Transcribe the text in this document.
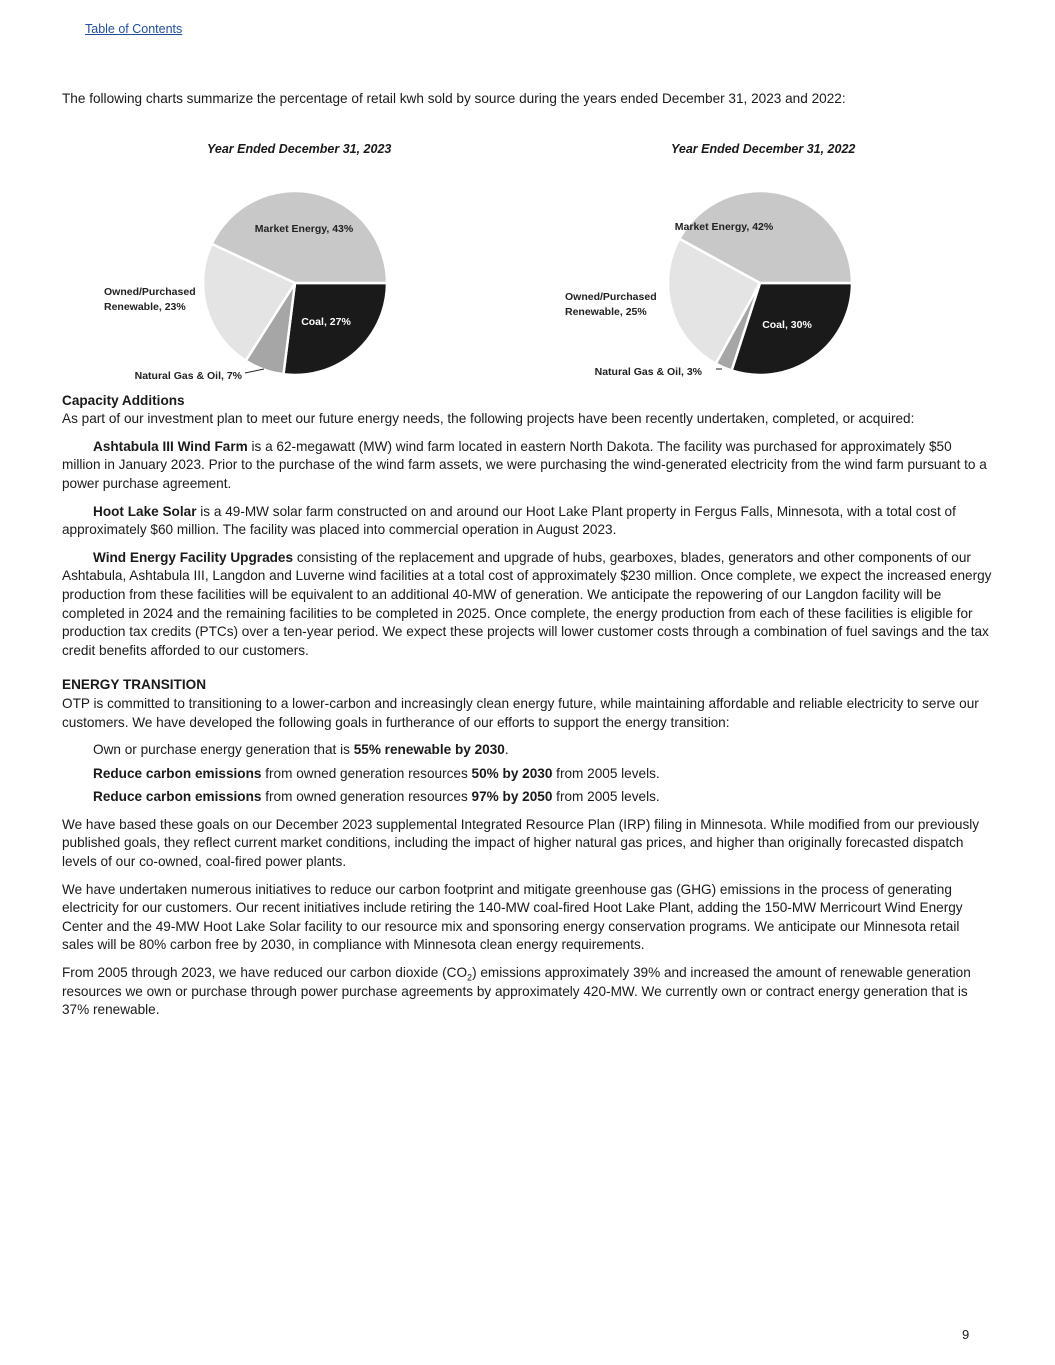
Table of Contents

The following charts summarize the percentage of retail kwh sold by source during the years ended December 31, 2023 and 2022:

Year Ended December 31, 2023	Year Ended December 31, 2022
Coal, 27%
Natural Gas & Oil, 7%
Owned/Purchased Renewable, 23%
Market Energy, 43%
Coal, 30%
Natural Gas & Oil, 3%
Owned/Purchased Renewable, 25%
Market Energy, 42%
Capacity Additions

As part of our investment plan to meet our future energy needs, the following projects have been recently undertaken, completed, or acquired:

Ashtabula III Wind Farm is a 62-megawatt (MW) wind farm located in eastern North Dakota. The facility was purchased for approximately $50 million in January 2023. Prior to the purchase of the wind farm assets, we were purchasing the wind-generated electricity from the wind farm pursuant to a power purchase agreement.

Hoot Lake Solar is a 49-MW solar farm constructed on and around our Hoot Lake Plant property in Fergus Falls, Minnesota, with a total cost of approximately $60 million. The facility was placed into commercial operation in August 2023.

Wind Energy Facility Upgrades consisting of the replacement and upgrade of hubs, gearboxes, blades, generators and other components of our Ashtabula, Ashtabula III, Langdon and Luverne wind facilities at a total cost of approximately $230 million. Once complete, we expect the increased energy production from these facilities will be equivalent to an additional 40-MW of generation. We anticipate the repowering of our Langdon facility will be completed in 2024 and the remaining facilities to be completed in 2025. Once complete, the energy production from each of these facilities is eligible for production tax credits (PTCs) over a ten-year period. We expect these projects will lower customer costs through a combination of fuel savings and the tax credit benefits afforded to our customers.

ENERGY TRANSITION

OTP is committed to transitioning to a lower-carbon and increasingly clean energy future, while maintaining affordable and reliable electricity to serve our customers. We have developed the following goals in furtherance of our efforts to support the energy transition:

Own or purchase energy generation that is 55% renewable by 2030.

Reduce carbon emissions from owned generation resources 50% by 2030 from 2005 levels.

Reduce carbon emissions from owned generation resources 97% by 2050 from 2005 levels.

We have based these goals on our December 2023 supplemental Integrated Resource Plan (IRP) filing in Minnesota. While modified from our previously published goals, they reflect current market conditions, including the impact of higher natural gas prices, and higher than originally forecasted dispatch levels of our co-owned, coal-fired power plants.

We have undertaken numerous initiatives to reduce our carbon footprint and mitigate greenhouse gas (GHG) emissions in the process of generating electricity for our customers. Our recent initiatives include retiring the 140-MW coal-fired Hoot Lake Plant, adding the 150-MW Merricourt Wind Energy Center and the 49-MW Hoot Lake Solar facility to our resource mix and sponsoring energy conservation programs. We anticipate our Minnesota retail sales will be 80% carbon free by 2030, in compliance with Minnesota clean energy requirements.

From 2005 through 2023, we have reduced our carbon dioxide $(CO_2)$ emissions approximately 39% and increased the amount of renewable generation resources we own or purchase through power purchase agreements by approximately 420-MW. We currently own or contract energy generation that is 37% renewable.

9
